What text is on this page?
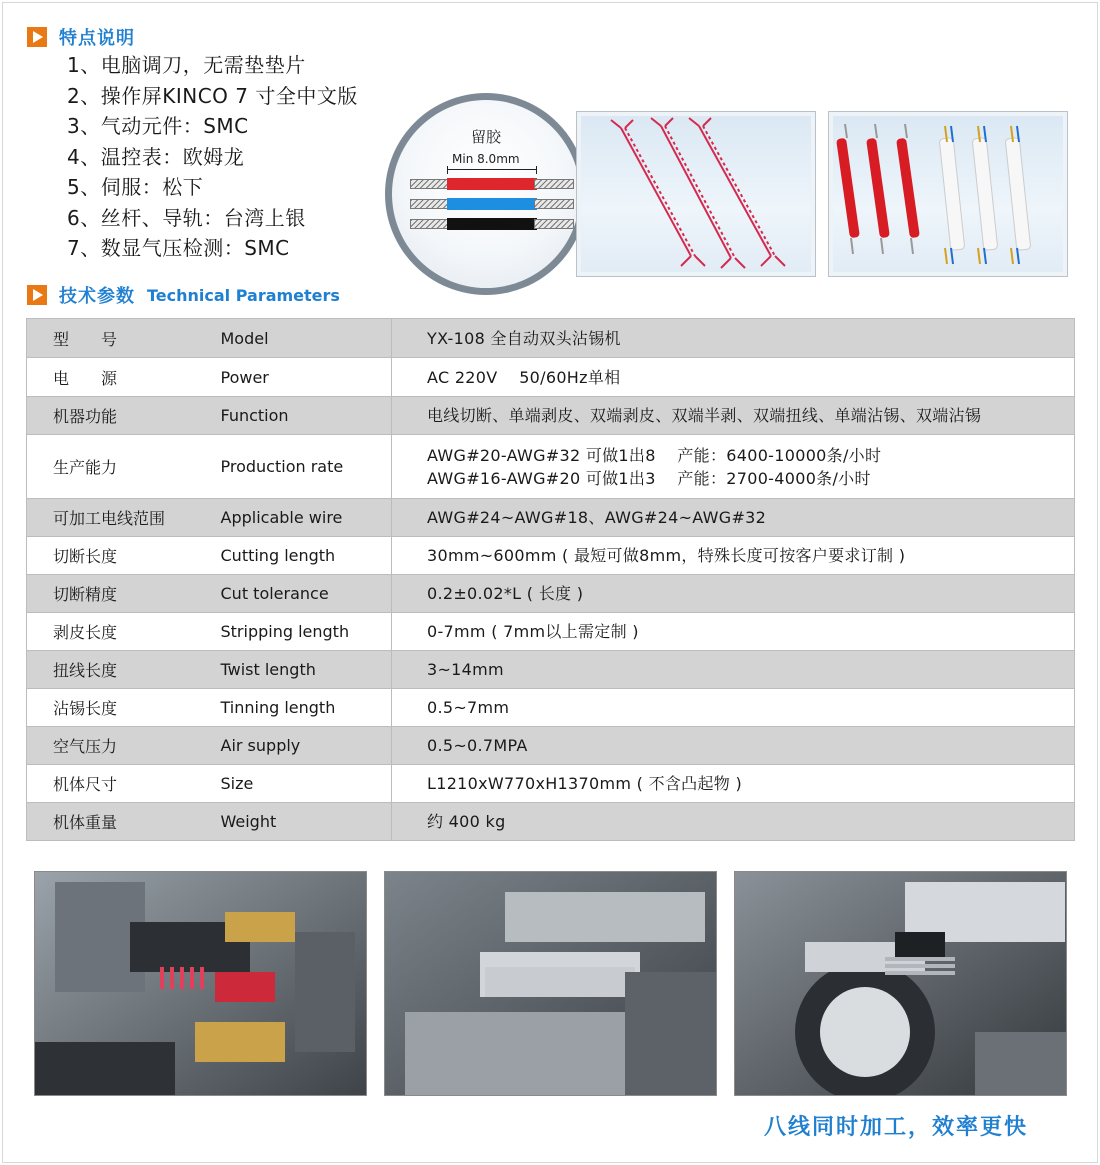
特点说明
1、电脑调刀，无需垫垫片
2、操作屏KINCO 7 寸全中文版
3、气动元件：SMC
4、温控表：欧姆龙
5、伺服：松下
6、丝杆、导轨：台湾上银
7、数显气压检测：SMC
留胶
Min 8.0mm
技术参数 Technical Parameters
型　　号	Model	YX-108 全自动双头沾锡机

电　　源	Power	AC 220V　 50/60Hz单相

机器功能	Function	电线切断、单端剥皮、双端剥皮、双端半剥、双端扭线、单端沾锡、双端沾锡

生产能力	Production rate	AWG#20-AWG#32 可做1出8　 产能：6400-10000条/小时
AWG#16-AWG#20 可做1出3　 产能：2700-4000条/小时

可加工电线范围	Applicable wire	AWG#24~AWG#18、AWG#24~AWG#32

切断长度	Cutting length	30mm~600mm ( 最短可做8mm，特殊长度可按客户要求订制 )

切断精度	Cut tolerance	0.2±0.02*L ( 长度 )

剥皮长度	Stripping length	0-7mm ( 7mm以上需定制 )

扭线长度	Twist length	3~14mm

沾锡长度	Tinning length	0.5~7mm

空气压力	Air supply	0.5~0.7MPA

机体尺寸	Size	L1210xW770xH1370mm ( 不含凸起物 )

机体重量	Weight	约 400 kg
八线同时加工，效率更快
